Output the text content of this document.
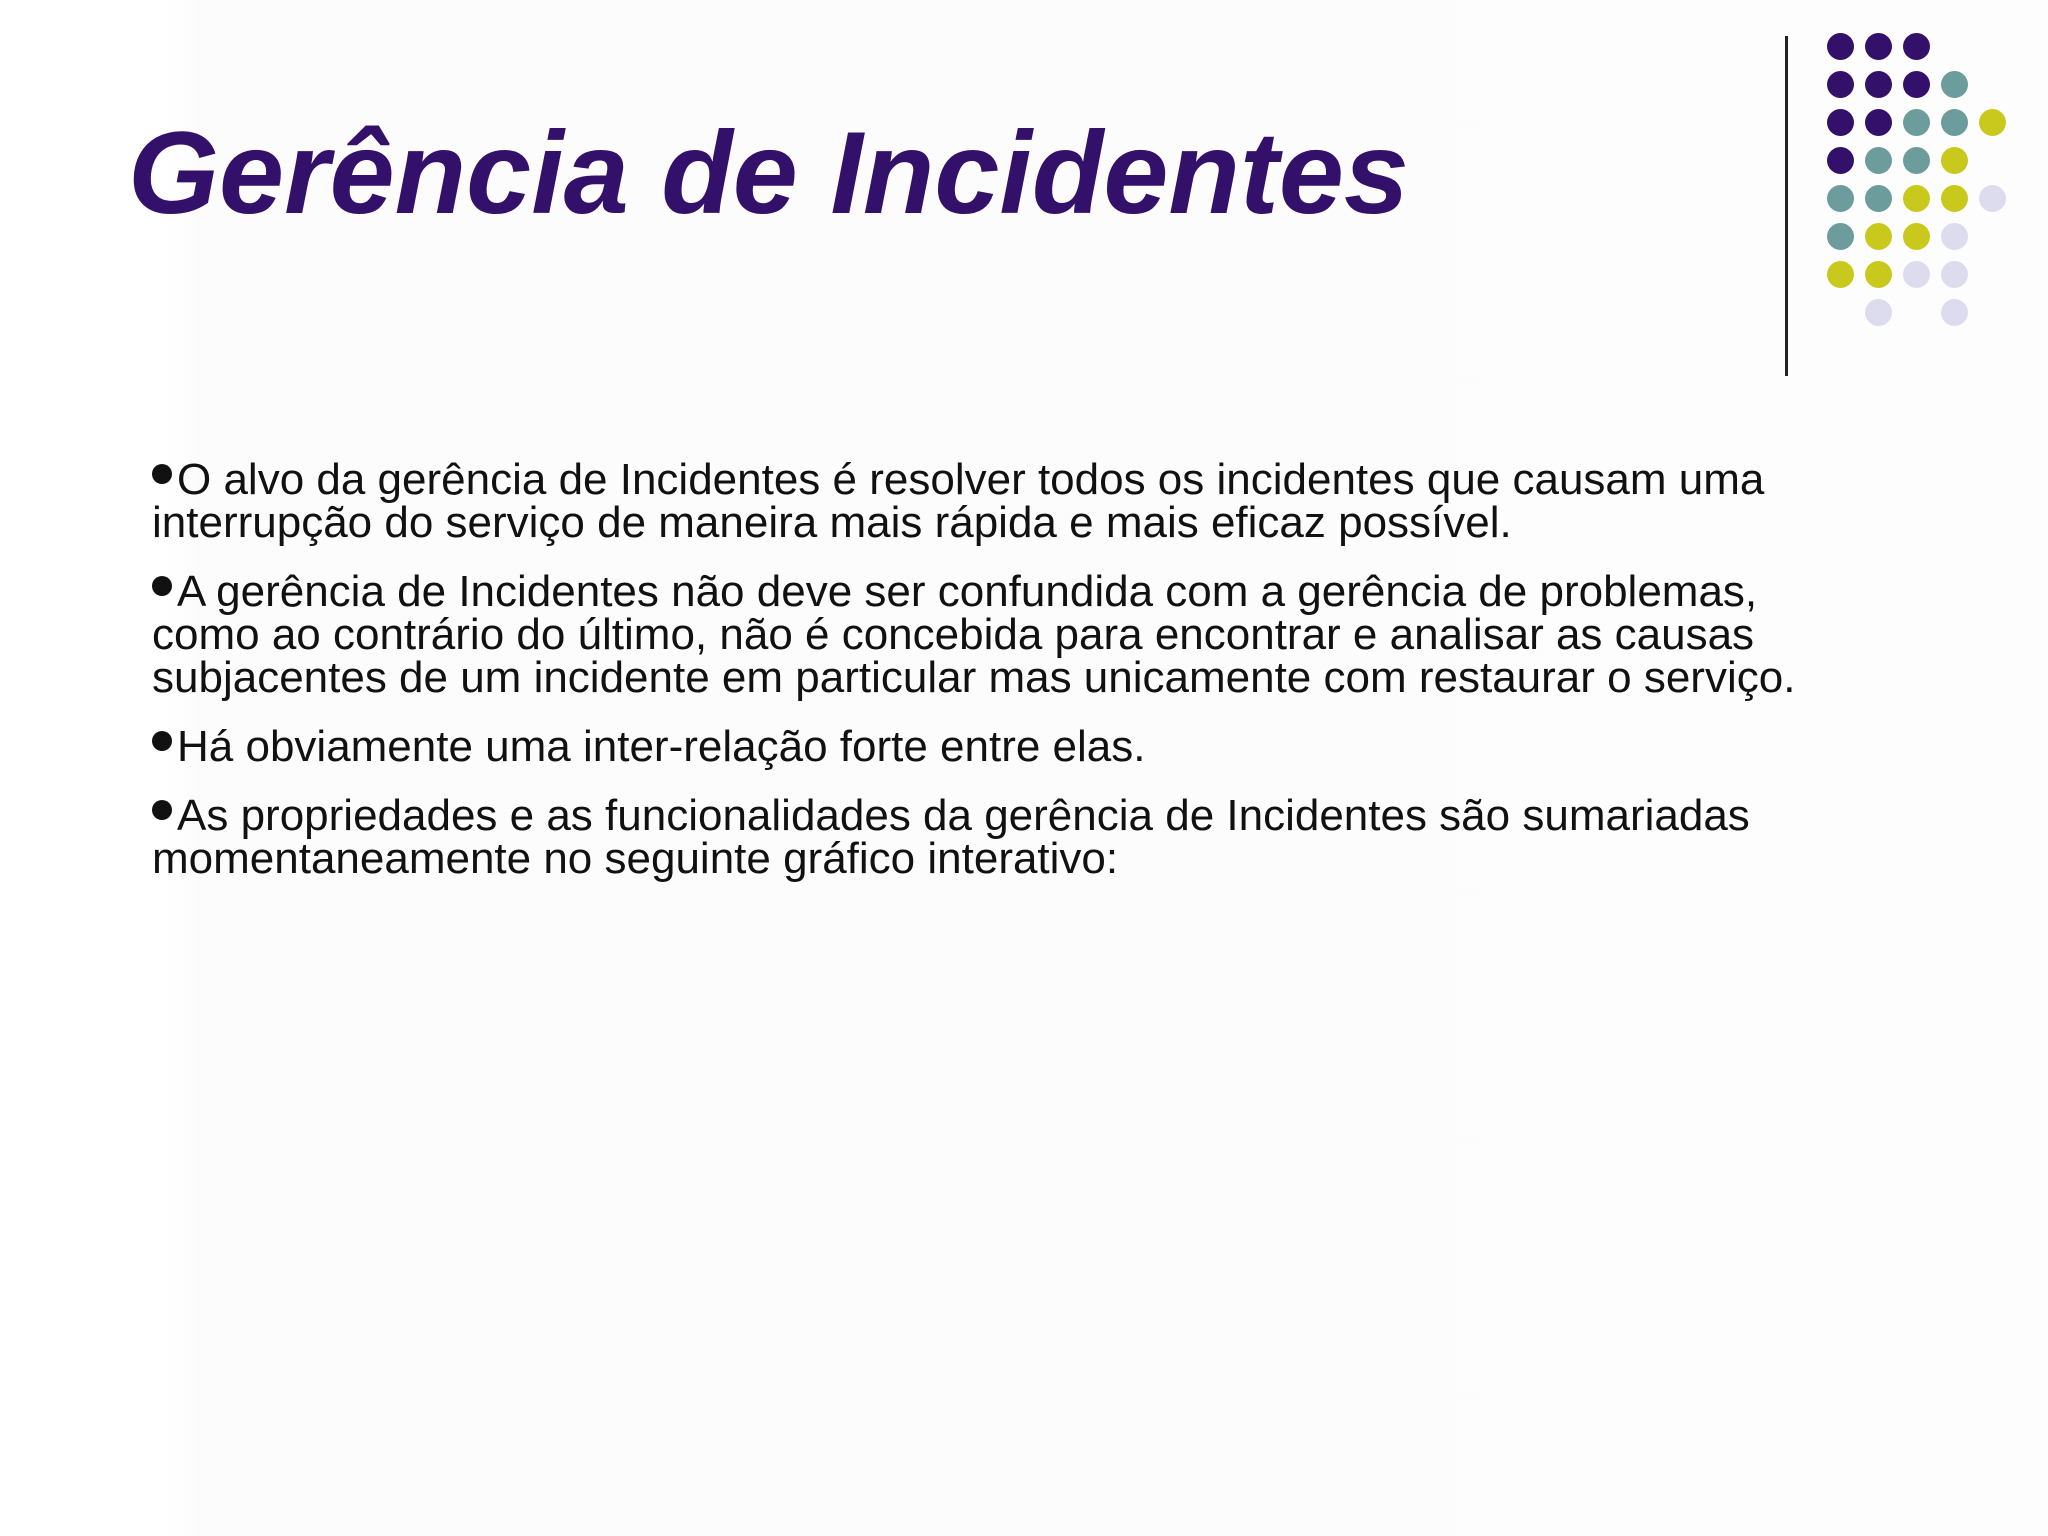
Gerência de Incidentes

O alvo da gerência de Incidentes é resolver todos os incidentes que causam uma interrupção do serviço de maneira mais rápida e mais eficaz possível.

A gerência de Incidentes não deve ser confundida com a gerência de problemas, como ao contrário do último, não é concebida para encontrar e analisar as causas subjacentes de um incidente em particular mas unicamente com restaurar o serviço.

Há obviamente uma inter-relação forte entre elas.

As propriedades e as funcionalidades da gerência de Incidentes são sumariadas momentaneamente no seguinte gráfico interativo:
